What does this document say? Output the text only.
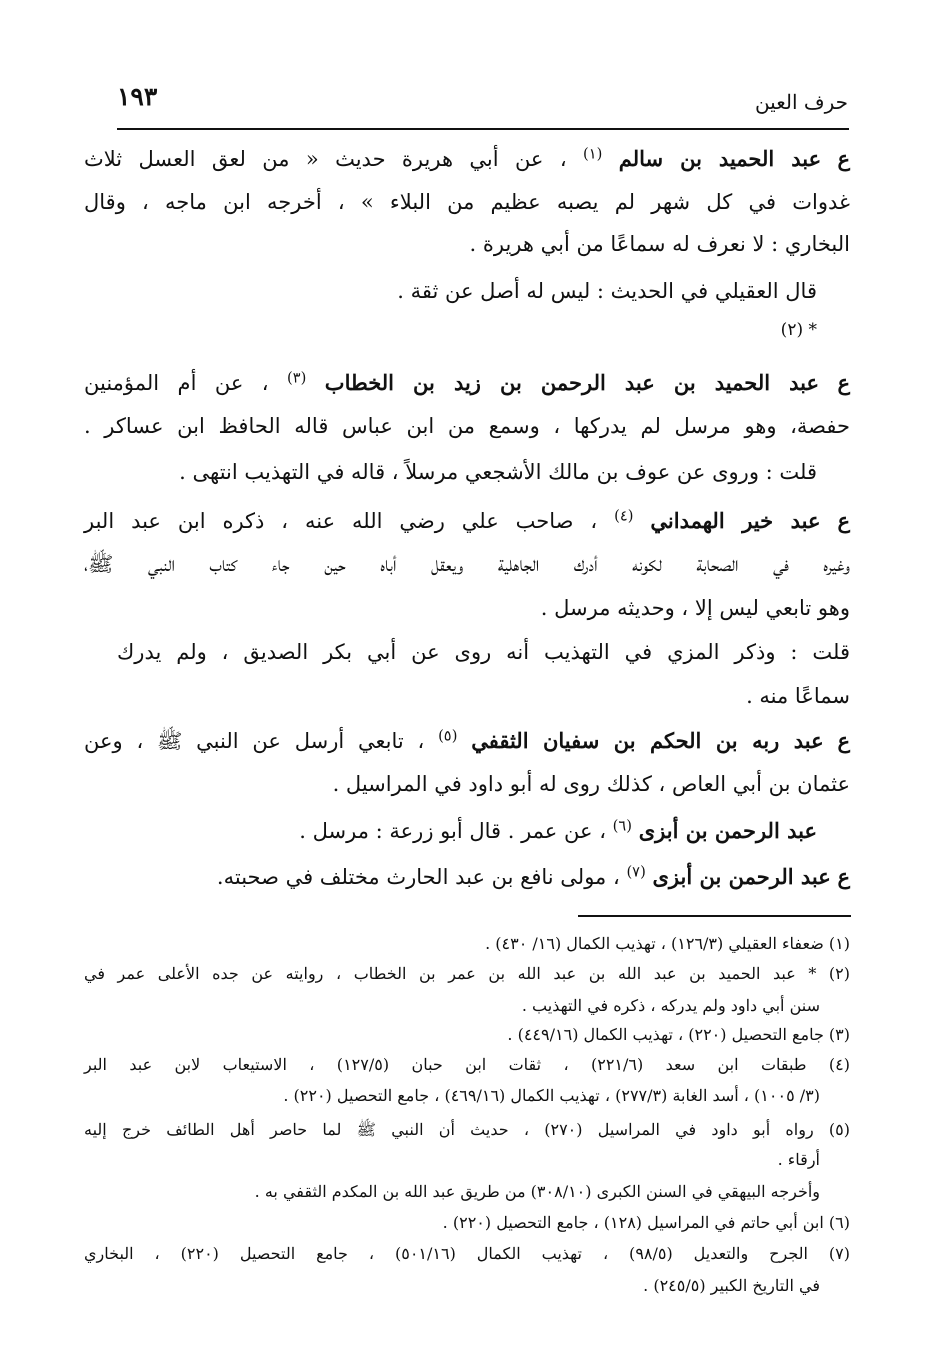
١٩٣	حرف العين
ع عبد الحميد بن سالم $^{(١)}$ ، عن أبي هريرة حديث « من لعق العسل ثلاث
غدوات في كل شهر لم يصبه عظيم من البلاء » ، أخرجه ابن ماجه ، وقال
البخاري : لا نعرف له سماعًا من أبي هريرة .
قال العقيلي في الحديث : ليس له أصل عن ثقة .
* (٢)
ع عبد الحميد بن عبد الرحمن بن زيد بن الخطاب $^{(٣)}$ ، عن أم المؤمنين
حفصة، وهو مرسل لم يدركها ، وسمع من ابن عباس قاله الحافظ ابن عساكر .
قلت : وروى عن عوف بن مالك الأشجعي مرسلاً ، قاله في التهذيب انتهى .
ع عبد خير الهمداني $^{(٤)}$ ، صاحب علي رضي الله عنه ، ذكره ابن عبد البر
وغيره في الصحابة لكونه أدرك الجاهلية ويعقل أباه حين جاء كتاب النبي ﷺ،
وهو تابعي ليس إلا ، وحديثه مرسل .
قلت : وذكر المزي في التهذيب أنه روى عن أبي بكر الصديق ، ولم يدرك
سماعًا منه .
ع عبد ربه بن الحكم بن سفيان الثقفي $^{(٥)}$ ، تابعي أرسل عن النبي ﷺ ، وعن
عثمان بن أبي العاص ، كذلك روى له أبو داود في المراسيل .
عبد الرحمن بن أبزى $^{(٦)}$ ، عن عمر . قال أبو زرعة : مرسل .
ع عبد الرحمن بن أبزى $^{(٧)}$ ، مولى نافع بن عبد الحارث مختلف في صحبته.
(١) ضعفاء العقيلي (١٢٦/٣) ، تهذيب الكمال (١٦/ ٤٣٠) .
(٢) * عبد الحميد بن عبد الله بن عبد الله بن عمر بن الخطاب ، روايته عن جده الأعلى عمر في
سنن أبي داود ولم يدركه ، ذكره في التهذيب .
(٣) جامع التحصيل (٢٢٠) ، تهذيب الكمال (٤٤٩/١٦) .
(٤) طبقات ابن سعد (٢٢١/٦) ، ثقات ابن حبان (١٢٧/٥) ، الاستيعاب لابن عبد البر
(٣/ ١٠٠٥) ، أسد الغابة (٢٧٧/٣) ، تهذيب الكمال (٤٦٩/١٦) ، جامع التحصيل (٢٢٠) .
(٥) رواه أبو داود في المراسيل (٢٧٠) ، حديث أن النبي ﷺ لما حاصر أهل الطائف خرج إليه
أرقاء .
وأخرجه البيهقي في السنن الكبرى (٣٠٨/١٠) من طريق عبد الله بن المكدم الثقفي به .
(٦) ابن أبي حاتم في المراسيل (١٢٨) ، جامع التحصيل (٢٢٠) .
(٧) الجرح والتعديل (٩٨/٥) ، تهذيب الكمال (٥٠١/١٦) ، جامع التحصيل (٢٢٠) ، البخاري
في التاريخ الكبير (٢٤٥/٥) .
